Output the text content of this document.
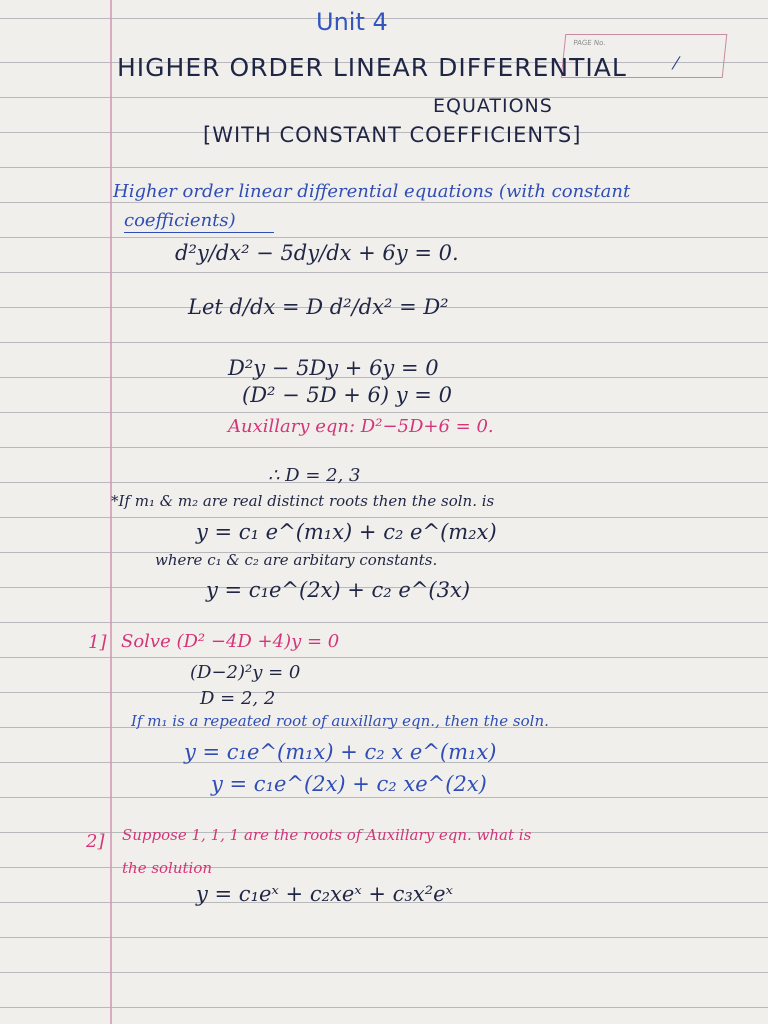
PAGE No.
/
Unit 4
HIGHER ORDER LINEAR DIFFERENTIAL
EQUATIONS
[WITH CONSTANT COEFFICIENTS]
Higher order linear differential equations (with constant
coefficients)
d²y/dx² − 5dy/dx + 6y = 0.
Let d/dx = D d²/dx² = D²
D²y − 5Dy + 6y = 0
(D² − 5D + 6) y = 0
Auxillary eqn: D²−5D+6 = 0.
∴ D = 2, 3
*If m₁ & m₂ are real distinct roots then the soln. is
y = c₁ e^(m₁x) + c₂ e^(m₂x)
where c₁ & c₂ are arbitary constants.
y = c₁e^(2x) + c₂ e^(3x)
1] Solve (D² −4D +4)y = 0
(D−2)²y = 0
D = 2, 2
If m₁ is a repeated root of auxillary eqn., then the soln.
y = c₁e^(m₁x) + c₂ x e^(m₁x)
y = c₁e^(2x) + c₂ xe^(2x)
2] Suppose 1, 1, 1 are the roots of Auxillary eqn. what is
the solution
y = c₁eˣ + c₂xeˣ + c₃x²eˣ
